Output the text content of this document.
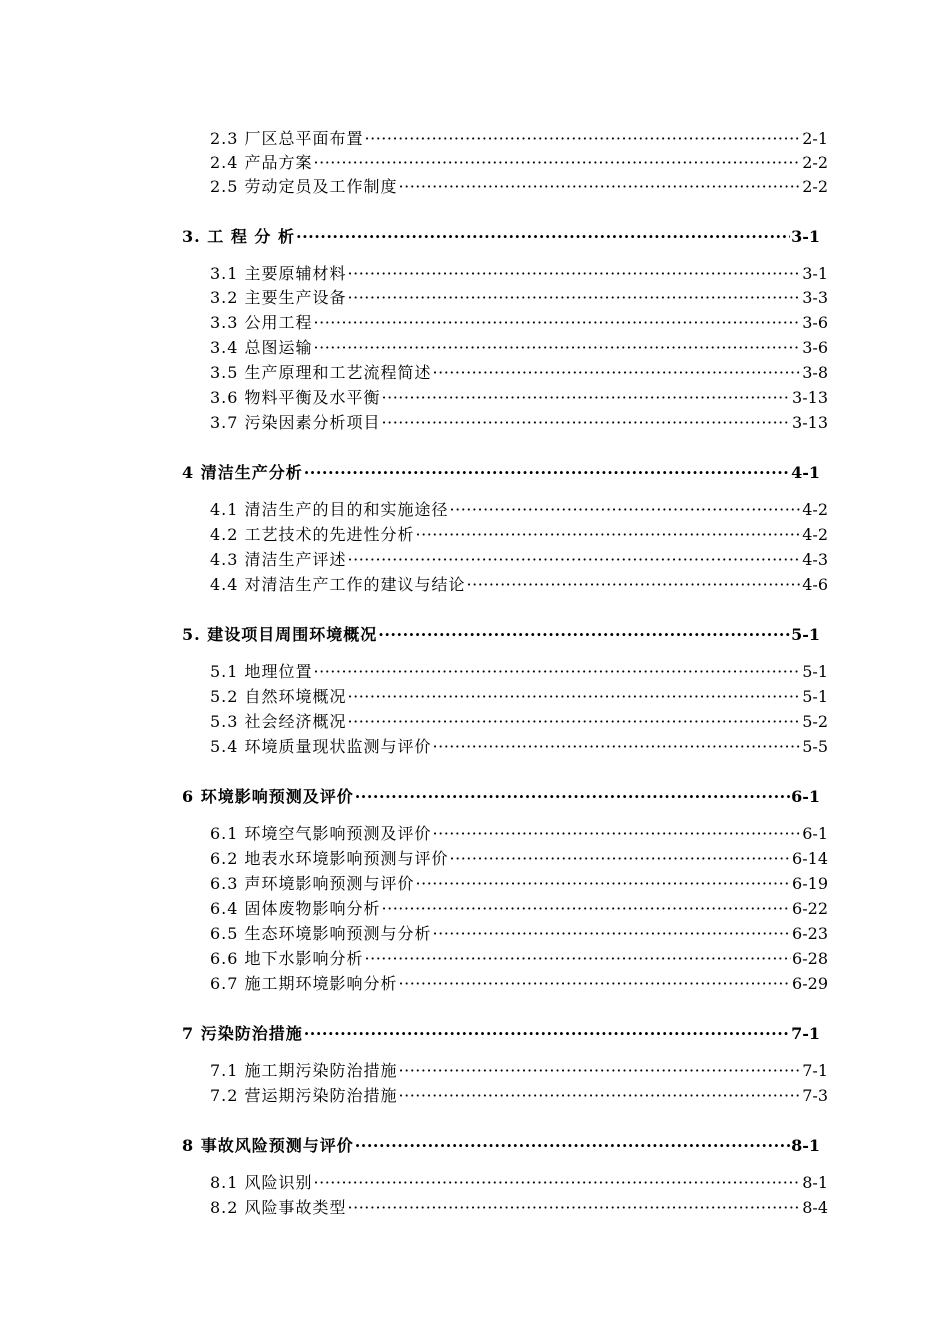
2.3 厂区总平面布置 ·····	2-1
2.4 产品方案 ·····	2-2
2.5 劳动定员及工作制度 ·····	2-2
3. 工 程 分 析 ·····	3-1
3.1 主要原辅材料 ·····	3-1
3.2 主要生产设备 ·····	3-3
3.3 公用工程 ·····	3-6
3.4 总图运输 ·····	3-6
3.5 生产原理和工艺流程简述 ·····	3-8
3.6 物料平衡及水平衡 ·····	3-13
3.7 污染因素分析项目 ·····	3-13
4 清洁生产分析 ·····	4-1
4.1 清洁生产的目的和实施途径 ·····	4-2
4.2 工艺技术的先进性分析 ·····	4-2
4.3 清洁生产评述 ·····	4-3
4.4 对清洁生产工作的建议与结论 ·····	4-6
5. 建设项目周围环境概况 ·····	5-1
5.1 地理位置 ·····	5-1
5.2 自然环境概况 ·····	5-1
5.3 社会经济概况 ·····	5-2
5.4 环境质量现状监测与评价 ·····	5-5
6 环境影响预测及评价 ·····	6-1
6.1 环境空气影响预测及评价 ·····	6-1
6.2 地表水环境影响预测与评价 ·····	6-14
6.3 声环境影响预测与评价 ·····	6-19
6.4 固体废物影响分析 ·····	6-22
6.5 生态环境影响预测与分析 ·····	6-23
6.6 地下水影响分析 ·····	6-28
6.7 施工期环境影响分析 ·····	6-29
7 污染防治措施 ·····	7-1
7.1 施工期污染防治措施 ·····	7-1
7.2 营运期污染防治措施 ·····	7-3
8 事故风险预测与评价 ·····	8-1
8.1 风险识别 ·····	8-1
8.2 风险事故类型 ·····	8-4
